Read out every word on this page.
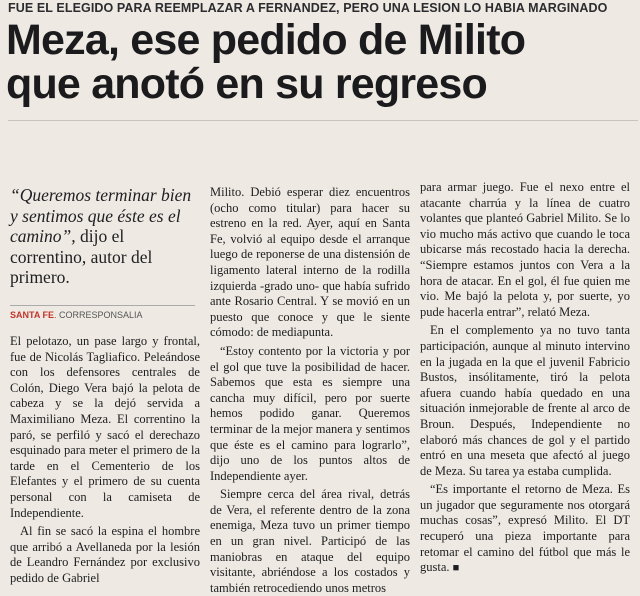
FUE EL ELEGIDO PARA REEMPLAZAR A FERNANDEZ, PERO UNA LESION LO HABIA MARGINADO
Meza, ese pedido de Milito
que anotó en su regreso
“Queremos terminar bien y sentimos que éste es el camino”, dijo el correntino, autor del primero.
SANTA FE. CORRESPONSALIA

El pelotazo, un pase largo y frontal, fue de Nicolás Tagliafico. Peleándose con los defensores centrales de Colón, Diego Vera bajó la pelota de cabeza y se la dejó servida a Maximiliano Meza. El correntino la paró, se perfiló y sacó el derechazo esquinado para meter el primero de la tarde en el Cementerio de los Elefantes y el primero de su cuenta personal con la camiseta de Independiente.

Al fin se sacó la espina el hombre que arribó a Avellaneda por la lesión de Leandro Fernández por exclusivo pedido de Gabriel

Milito. Debió esperar diez encuentros (ocho como titular) para hacer su estreno en la red. Ayer, aquí en Santa Fe, volvió al equipo desde el arranque luego de reponerse de una distensión de ligamento lateral interno de la rodilla izquierda -grado uno- que había sufrido ante Rosario Central. Y se movió en un puesto que conoce y que le siente cómodo: de mediapunta.

“Estoy contento por la victoria y por el gol que tuve la posibilidad de hacer. Sabemos que esta es siempre una cancha muy difícil, pero por suerte hemos podido ganar. Queremos terminar de la mejor manera y sentimos que éste es el camino para lograrlo”, dijo uno de los puntos altos de Independiente ayer.

Siempre cerca del área rival, detrás de Vera, el referente dentro de la zona enemiga, Meza tuvo un primer tiempo en un gran nivel. Participó de las maniobras en ataque del equipo visitante, abriéndose a los costados y también retrocediendo unos metros

para armar juego. Fue el nexo entre el atacante charrúa y la línea de cuatro volantes que planteó Gabriel Milito. Se lo vio mucho más activo que cuando le toca ubicarse más recostado hacia la derecha. “Siempre estamos juntos con Vera a la hora de atacar. En el gol, él fue quien me vio. Me bajó la pelota y, por suerte, yo pude hacerla entrar”, relató Meza.

En el complemento ya no tuvo tanta participación, aunque al minuto intervino en la jugada en la que el juvenil Fabricio Bustos, insólitamente, tiró la pelota afuera cuando había quedado en una situación inmejorable de frente al arco de Broun. Después, Independiente no elaboró más chances de gol y el partido entró en una meseta que afectó al juego de Meza. Su tarea ya estaba cumplida.

“Es importante el retorno de Meza. Es un jugador que seguramente nos otorgará muchas cosas”, expresó Milito. El DT recuperó una pieza importante para retomar el camino del fútbol que más le gusta. ■
